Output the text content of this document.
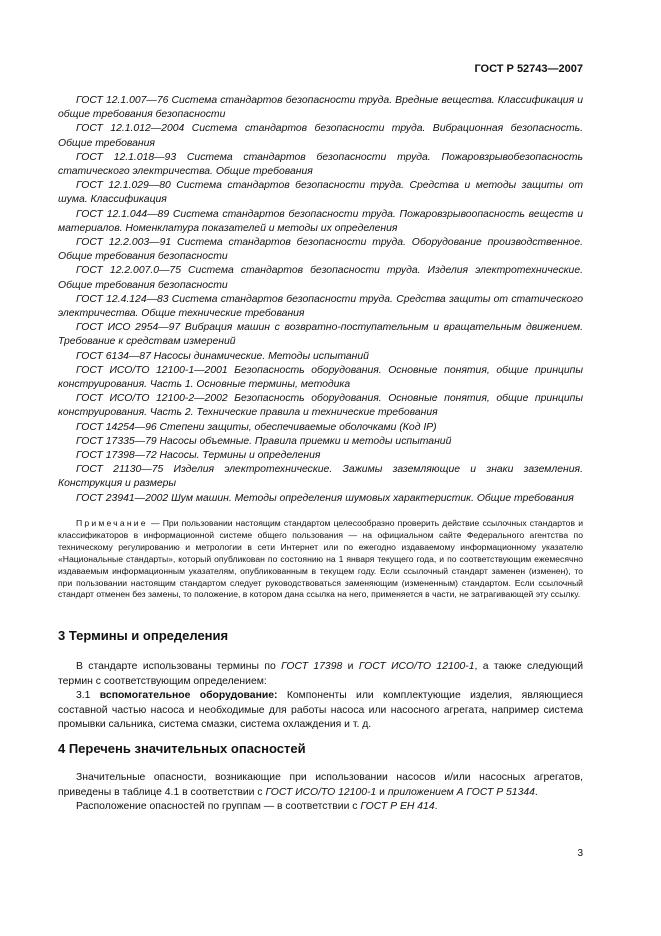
ГОСТ Р 52743—2007

ГОСТ 12.1.007—76 Система стандартов безопасности труда. Вредные вещества. Классификация и общие требования безопасности

ГОСТ 12.1.012—2004 Система стандартов безопасности труда. Вибрационная безопасность. Общие требования

ГОСТ 12.1.018—93 Система стандартов безопасности труда. Пожаровзрывобезопасность статического электричества. Общие требования

ГОСТ 12.1.029—80 Система стандартов безопасности труда. Средства и методы защиты от шума. Классификация

ГОСТ 12.1.044—89 Система стандартов безопасности труда. Пожаровзрывоопасность веществ и материалов. Номенклатура показателей и методы их определения

ГОСТ 12.2.003—91 Система стандартов безопасности труда. Оборудование производственное. Общие требования безопасности

ГОСТ 12.2.007.0—75 Система стандартов безопасности труда. Изделия электротехнические. Общие требования безопасности

ГОСТ 12.4.124—83 Система стандартов безопасности труда. Средства защиты от статического электричества. Общие технические требования

ГОСТ ИСО 2954—97 Вибрация машин с возвратно-поступательным и вращательным движением. Требование к средствам измерений

ГОСТ 6134—87 Насосы динамические. Методы испытаний

ГОСТ ИСО/ТО 12100-1—2001 Безопасность оборудования. Основные понятия, общие принципы конструирования. Часть 1. Основные термины, методика

ГОСТ ИСО/ТО 12100-2—2002 Безопасность оборудования. Основные понятия, общие принципы конструирования. Часть 2. Технические правила и технические требования

ГОСТ 14254—96 Степени защиты, обеспечиваемые оболочками (Код IP)

ГОСТ 17335—79 Насосы объемные. Правила приемки и методы испытаний

ГОСТ 17398—72 Насосы. Термины и определения

ГОСТ 21130—75 Изделия электротехнические. Зажимы заземляющие и знаки заземления. Конструкция и размеры

ГОСТ 23941—2002 Шум машин. Методы определения шумовых характеристик. Общие требования

Примечание — При пользовании настоящим стандартом целесообразно проверить действие ссылочных стандартов и классификаторов в информационной системе общего пользования — на официальном сайте Федерального агентства по техническому регулированию и метрологии в сети Интернет или по ежегодно издаваемому информационному указателю «Национальные стандарты», который опубликован по состоянию на 1 января текущего года, и по соответствующим ежемесячно издаваемым информационным указателям, опубликованным в текущем году. Если ссылочный стандарт заменен (изменен), то при пользовании настоящим стандартом следует руководствоваться заменяющим (измененным) стандартом. Если ссылочный стандарт отменен без замены, то положение, в котором дана ссылка на него, применяется в части, не затрагивающей эту ссылку.

3 Термины и определения

В стандарте использованы термины по ГОСТ 17398 и ГОСТ ИСО/ТО 12100-1, а также следующий термин с соответствующим определением:

3.1 вспомогательное оборудование: Компоненты или комплектующие изделия, являющиеся составной частью насоса и необходимые для работы насоса или насосного агрегата, например система промывки сальника, система смазки, система охлаждения и т. д.

4 Перечень значительных опасностей

Значительные опасности, возникающие при использовании насосов и/или насосных агрегатов, приведены в таблице 4.1 в соответствии с ГОСТ ИСО/ТО 12100-1 и приложением А ГОСТ Р 51344.

Расположение опасностей по группам — в соответствии с ГОСТ Р ЕН 414.

3
